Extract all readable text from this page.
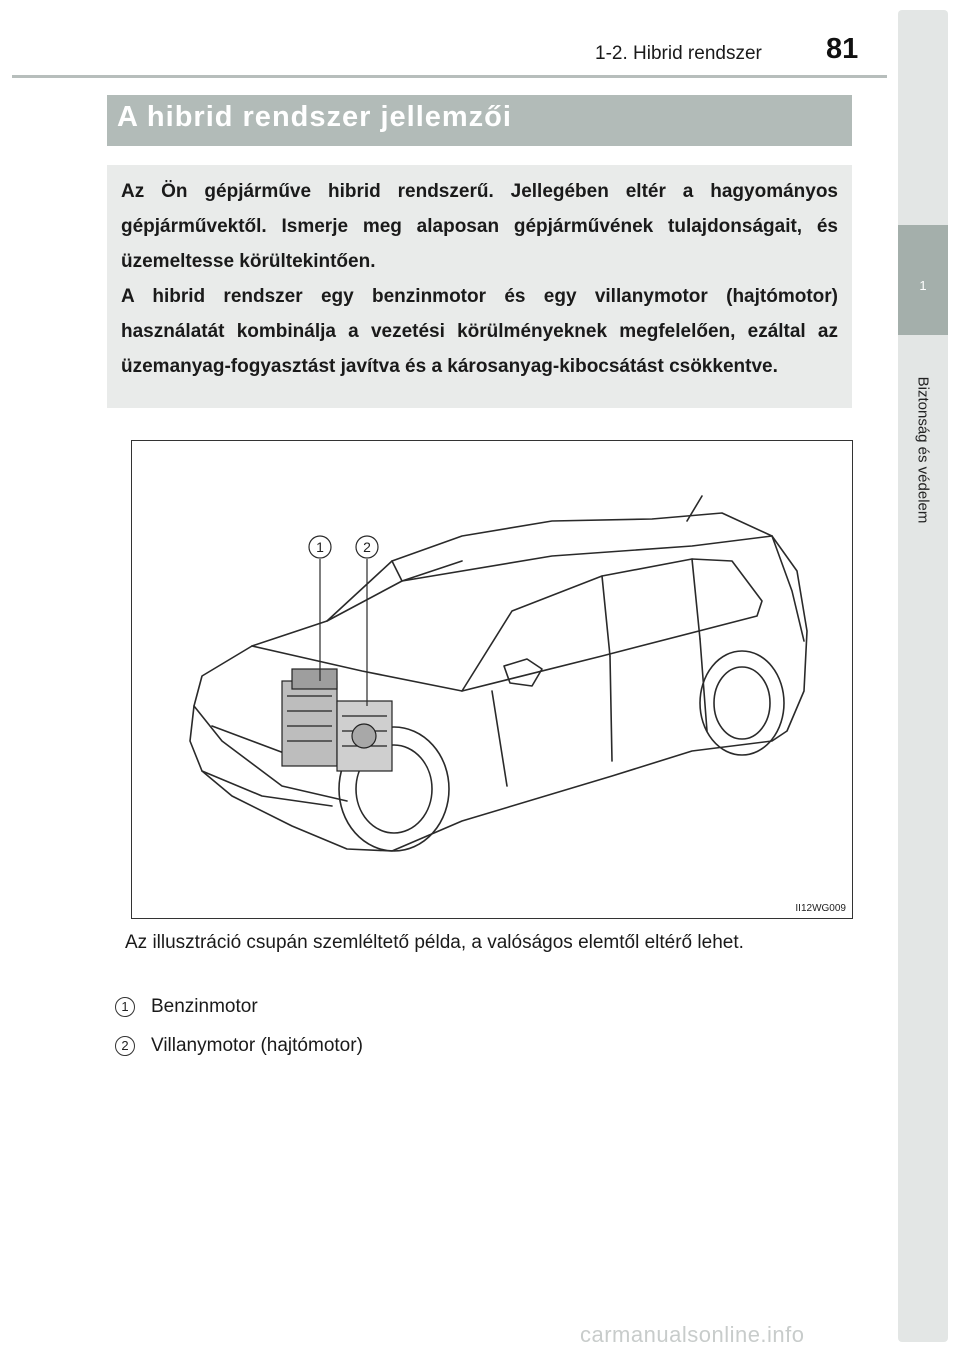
1-2. Hibrid rendszer 81
1
Biztonság és védelem
A hibrid rendszer jellemzői

Az Ön gépjárműve hibrid rendszerű. Jellegében eltér a hagyományos gépjárművektől. Ismerje meg alaposan gépjárművének tulajdonságait, és üzemeltesse körültekintően.

A hibrid rendszer egy benzinmotor és egy villanymotor (hajtómotor) használatát kombinálja a vezetési körülményeknek megfelelően, ezáltal az üzemanyag-fogyasztást javítva és a károsanyag-kibocsátást csökkentve.

1	2
II12WG009

Az illusztráció csupán szemléltető példa, a valóságos elemtől eltérő lehet.

1	Benzinmotor
2	Villanymotor (hajtómotor)
carmanualsonline.info
